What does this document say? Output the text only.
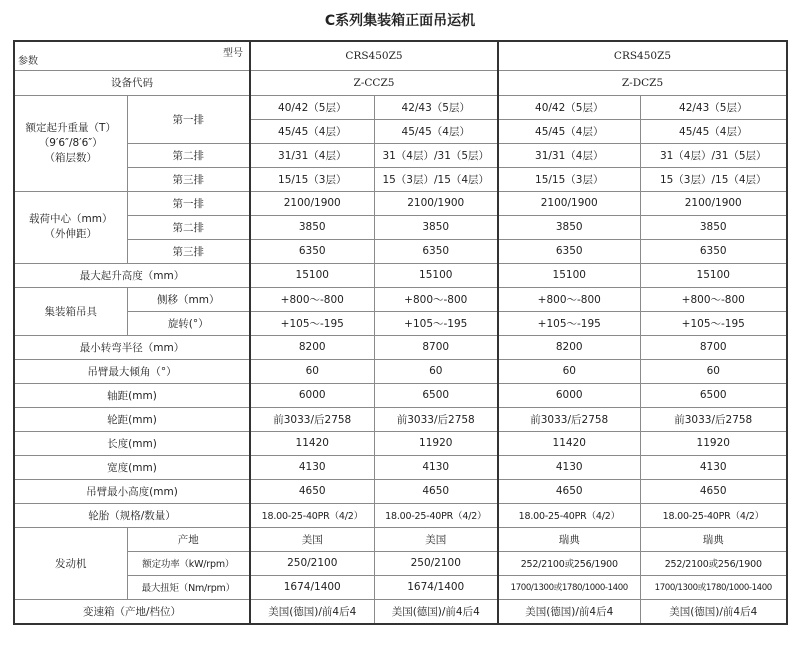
C系列集装箱正面吊运机
型号
参数		CRS450Z5		CRS450Z5	
设备代码		Z-CCZ5		Z-DCZ5	

额定起升重量（T）
（9′6″/8′6″）
（箱层数）	第一排	40/42（5层）	42/43（5层）	40/42（5层）	42/43（5层）
		45/45（4层）	45/45（4层）	45/45（4层）	45/45（4层）
	第二排	31/31（4层）	31（4层）/31（5层）	31/31（4层）	31（4层）/31（5层）
	第三排	15/15（3层）	15（3层）/15（4层）	15/15（3层）	15（3层）/15（4层）

载荷中心（mm）
（外伸距）	第一排	2100/1900	2100/1900	2100/1900	2100/1900
	第二排	3850	3850	3850	3850
	第三排	6350	6350	6350	6350
最大起升高度（mm）		15100	15100	15100	15100
集装箱吊具	侧移（mm）	+800～-800	+800～-800	+800～-800	+800～-800
	旋转(°）	+105～-195	+105～-195	+105～-195	+105～-195
最小转弯半径（mm）		8200	8700	8200	8700
吊臂最大倾角（°）		60	60	60	60
轴距(mm)		6000	6500	6000	6500
轮距(mm)		前3033/后2758	前3033/后2758	前3033/后2758	前3033/后2758
长度(mm)		11420	11920	11420	11920
宽度(mm)		4130	4130	4130	4130
吊臂最小高度(mm)		4650	4650	4650	4650
轮胎（规格/数量）		18.00-25-40PR（4/2）	18.00-25-40PR（4/2）	18.00-25-40PR（4/2）	18.00-25-40PR（4/2）
发动机	产地	美国	美国	瑞典	瑞典
	额定功率（kW/rpm）	250/2100	250/2100	252/2100或256/1900	252/2100或256/1900
	最大扭矩（Nm/rpm）	1674/1400	1674/1400	1700/1300或1780/1000-1400	1700/1300或1780/1000-1400
变速箱（产地/档位）		美国(德国)/前4后4	美国(德国)/前4后4	美国(德国)/前4后4	美国(德国)/前4后4
